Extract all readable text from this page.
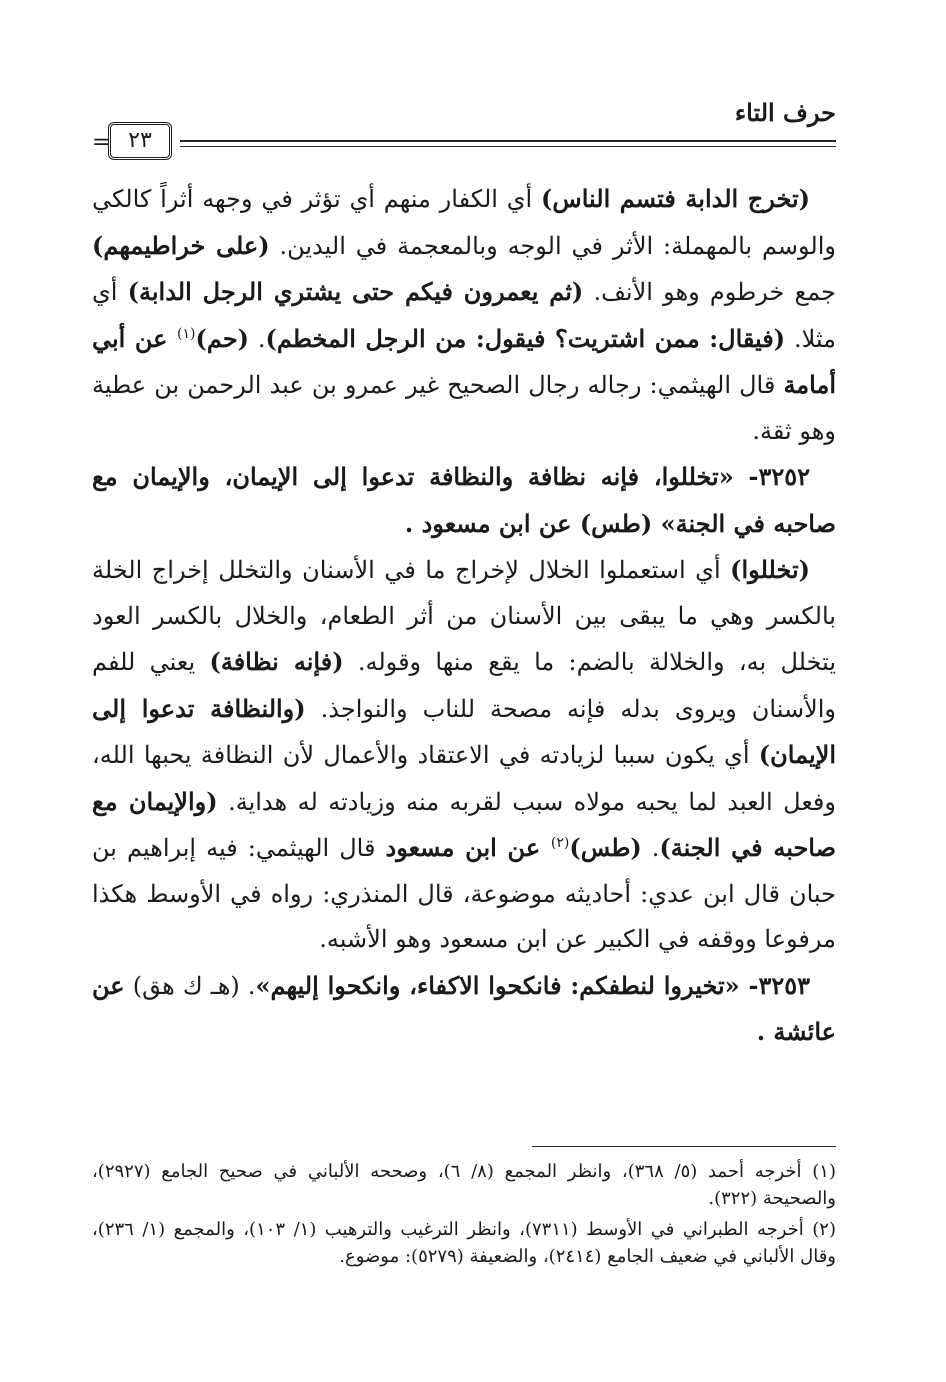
حرف التاء
= ٢٣

(تخرج الدابة فتسم الناس) أي الكفار منهم أي تؤثر في وجهه أثراً كالكي والوسم بالمهملة: الأثر في الوجه وبالمعجمة في اليدين. (على خراطيمهم) جمع خرطوم وهو الأنف. (ثم يعمرون فيكم حتى يشتري الرجل الدابة) أي مثلا. (فيقال: ممن اشتريت؟ فيقول: من الرجل المخطم). (حم)$^{(١)}$ عن أبي أمامة قال الهيثمي: رجاله رجال الصحيح غير عمرو بن عبد الرحمن بن عطية وهو ثقة.

٣٢٥٢- «تخللوا، فإنه نظافة والنظافة تدعوا إلى الإيمان، والإيمان مع صاحبه في الجنة» (طس) عن ابن مسعود .

(تخللوا) أي استعملوا الخلال لإخراج ما في الأسنان والتخلل إخراج الخلة بالكسر وهي ما يبقى بين الأسنان من أثر الطعام، والخلال بالكسر العود يتخلل به، والخلالة بالضم: ما يقع منها وقوله. (فإنه نظافة) يعني للفم والأسنان ويروى بدله فإنه مصحة للناب والنواجذ. (والنظافة تدعوا إلى الإيمان) أي يكون سببا لزيادته في الاعتقاد والأعمال لأن النظافة يحبها الله، وفعل العبد لما يحبه مولاه سبب لقربه منه وزيادته له هداية. (والإيمان مع صاحبه في الجنة). (طس)$^{(٢)}$ عن ابن مسعود قال الهيثمي: فيه إبراهيم بن حبان قال ابن عدي: أحاديثه موضوعة، قال المنذري: رواه في الأوسط هكذا مرفوعا ووقفه في الكبير عن ابن مسعود وهو الأشبه.

٣٢٥٣- «تخيروا لنطفكم: فانكحوا الاكفاء، وانكحوا إليهم». (هـ ك هق) عن عائشة .

(١) أخرجه أحمد (٥/ ٣٦٨)، وانظر المجمع (٨/ ٦)، وصححه الألباني في صحيح الجامع (٢٩٢٧)، والصحيحة (٣٢٢).

(٢) أخرجه الطبراني في الأوسط (٧٣١١)، وانظر الترغيب والترهيب (١/ ١٠٣)، والمجمع (١/ ٢٣٦)، وقال الألباني في ضعيف الجامع (٢٤١٤)، والضعيفة (٥٢٧٩): موضوع.
